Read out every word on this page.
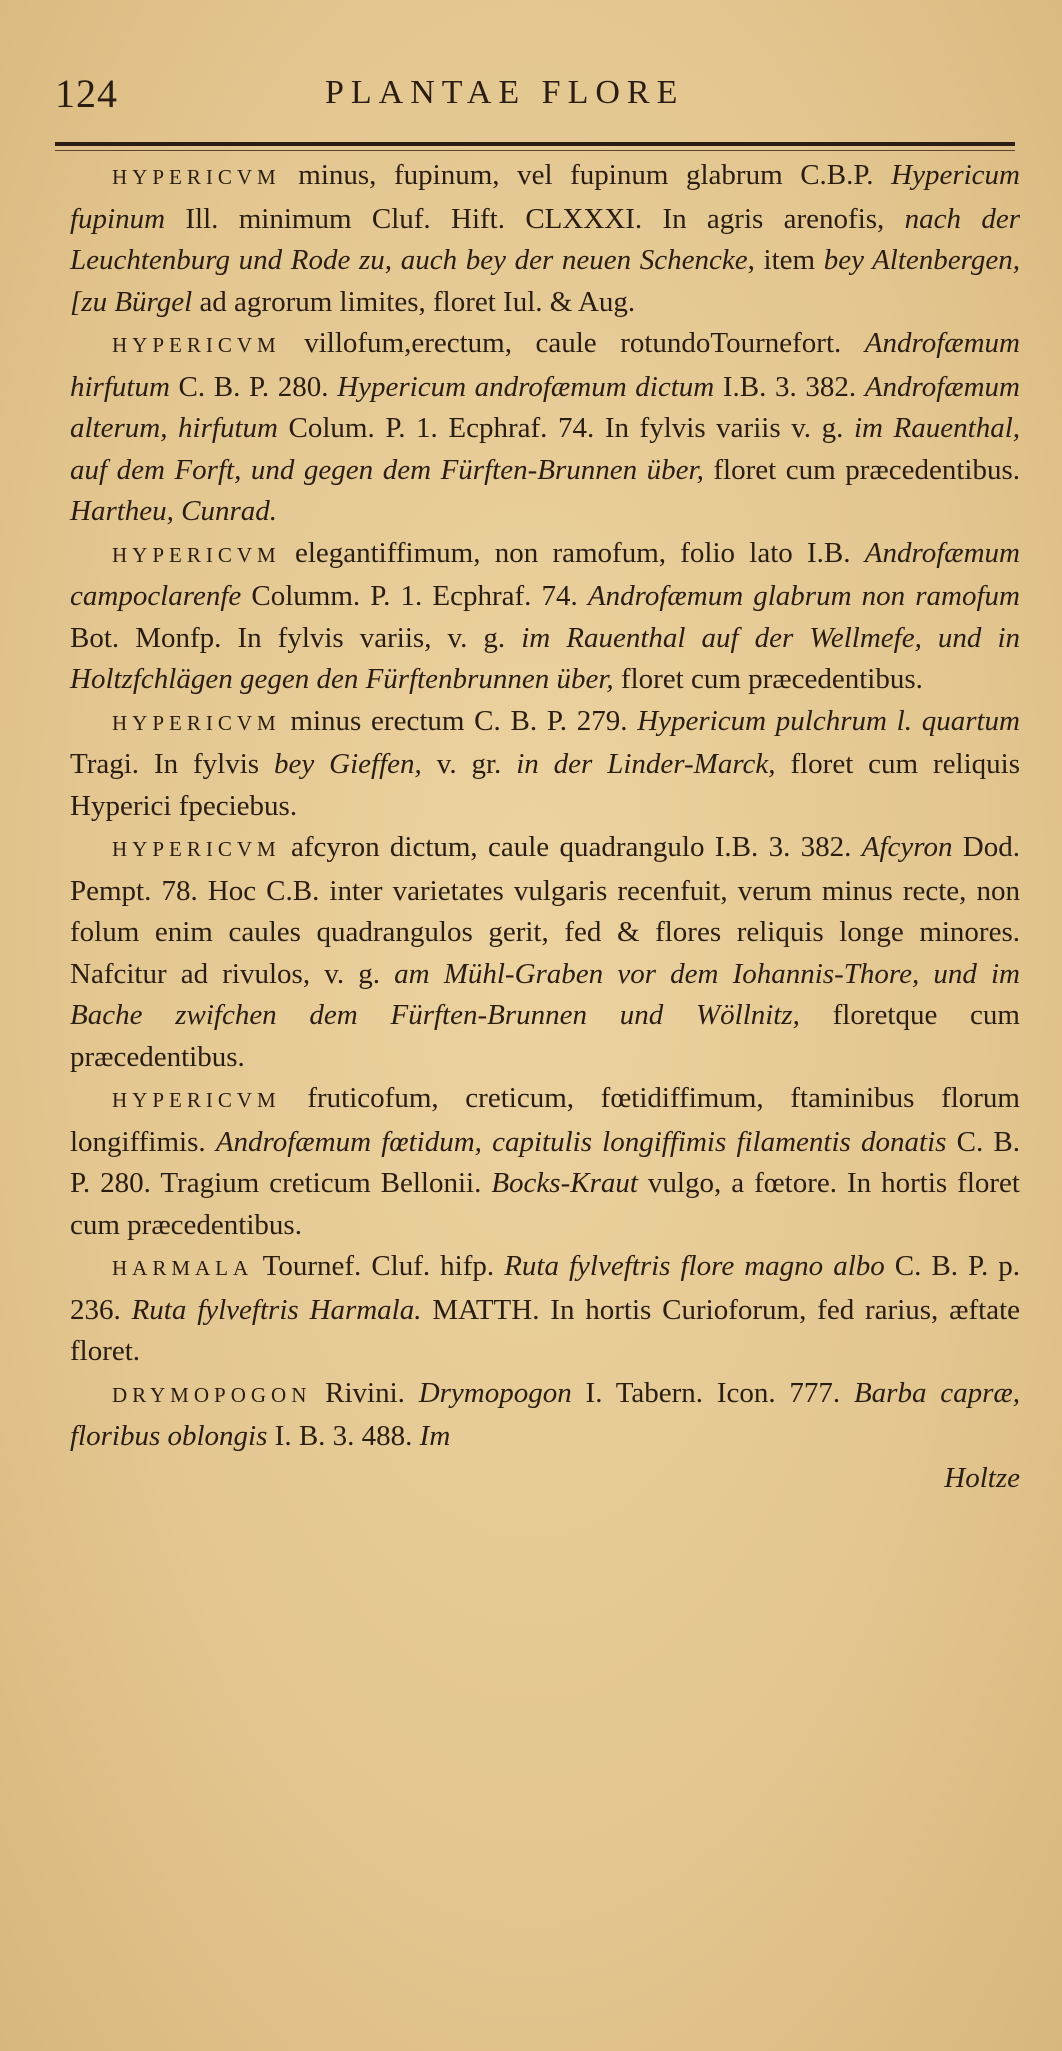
124	PLANTAE FLORE

HYPERICVM minus, fupinum, vel fupinum glabrum C.B.P. Hypericum fupinum Ill. minimum Cluf. Hift. CLXXXI. In agris arenofis, nach der Leuchtenburg und Rode zu, auch bey der neuen Schencke, item bey Altenbergen, [zu Bürgel ad agrorum limites, floret Iul. & Aug.

HYPERICVM villofum,erectum, caule rotundoTournefort. Androfæmum hirfutum C. B. P. 280. Hypericum androfæmum dictum I.B. 3. 382. Androfæmum alterum, hirfutum Colum. P. 1. Ecphraf. 74. In fylvis variis v. g. im Rauenthal, auf dem Forft, und gegen dem Fürften-Brunnen über, floret cum præcedentibus. Hartheu, Cunrad.

HYPERICVM elegantiffimum, non ramofum, folio lato I.B. Androfæmum campoclarenfe Columm. P. 1. Ecphraf. 74. Androfæmum glabrum non ramofum Bot. Monfp. In fylvis variis, v. g. im Rauenthal auf der Wellmefe, und in Holtzfchlägen gegen den Fürftenbrunnen über, floret cum præcedentibus.

HYPERICVM minus erectum C. B. P. 279. Hypericum pulchrum l. quartum Tragi. In fylvis bey Gieffen, v. gr. in der Linder-Marck, floret cum reliquis Hyperici fpeciebus.

HYPERICVM afcyron dictum, caule quadrangulo I.B. 3. 382. Afcyron Dod. Pempt. 78. Hoc C.B. inter varietates vulgaris recenfuit, verum minus recte, non folum enim caules quadrangulos gerit, fed & flores reliquis longe minores. Nafcitur ad rivulos, v. g. am Mühl-Graben vor dem Iohannis-Thore, und im Bache zwifchen dem Fürften-Brunnen und Wöllnitz, floretque cum præcedentibus.

HYPERICVM fruticofum, creticum, fœtidiffimum, ftaminibus florum longiffimis. Androfæmum fœtidum, capitulis longiffimis filamentis donatis C. B. P. 280. Tragium creticum Bellonii. Bocks-Kraut vulgo, a fœtore. In hortis floret cum præcedentibus.

HARMALA Tournef. Cluf. hifp. Ruta fylveftris flore magno albo C. B. P. p. 236. Ruta fylveftris Harmala. MATTH. In hortis Curioforum, fed rarius, æftate floret.

DRYMOPOGON Rivini. Drymopogon I. Tabern. Icon. 777. Barba capræ, floribus oblongis I. B. 3. 488. Im

Holtze
